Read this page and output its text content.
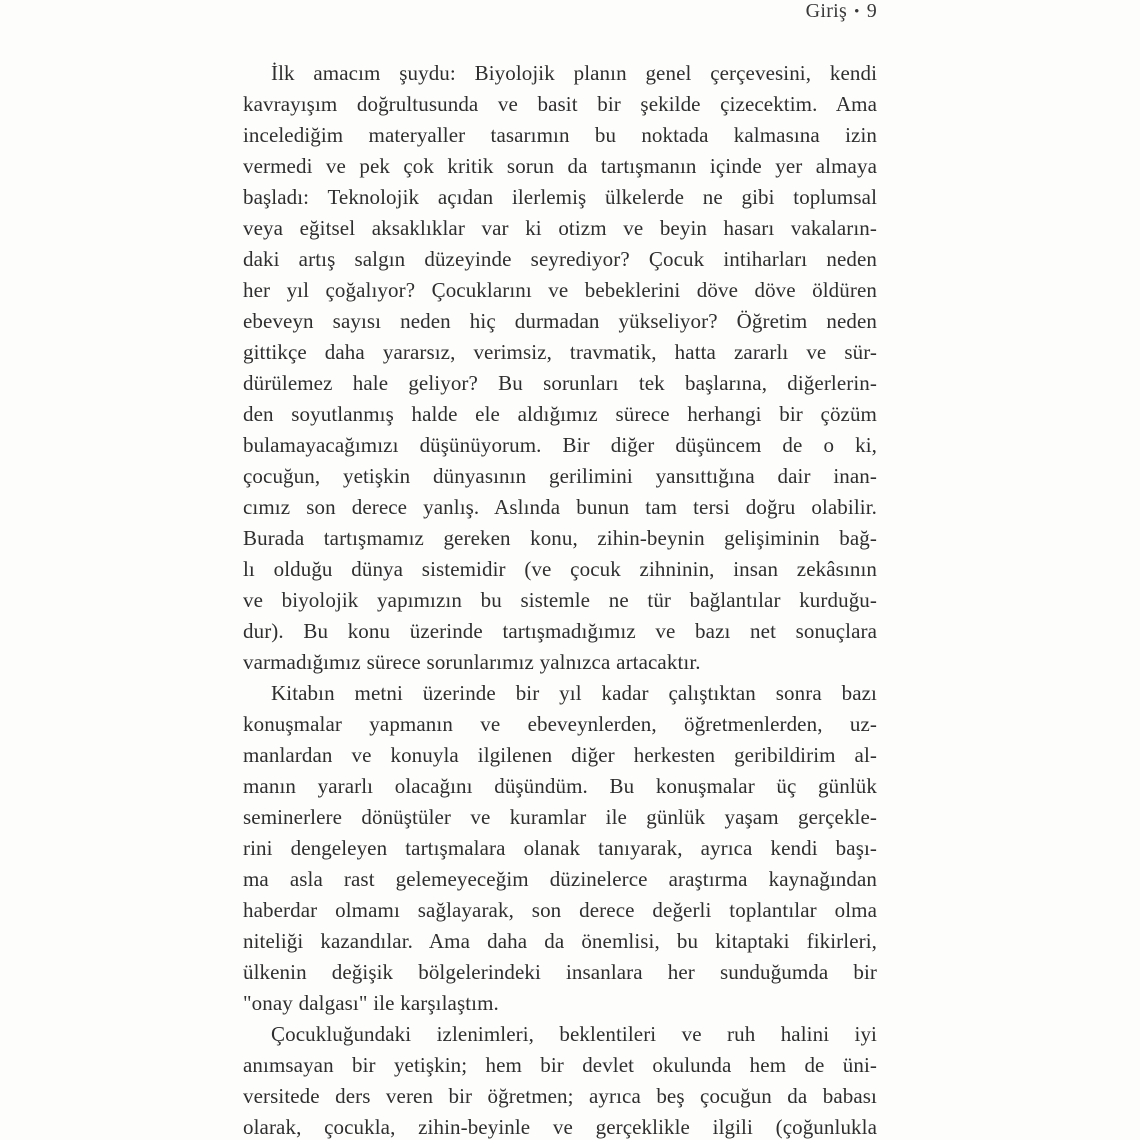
Giriş • 9
İlk amacım şuydu: Biyolojik planın genel çerçevesini, kendi
kavrayışım doğrultusunda ve basit bir şekilde çizecektim. Ama
incelediğim materyaller tasarımın bu noktada kalmasına izin
vermedi ve pek çok kritik sorun da tartışmanın içinde yer almaya
başladı: Teknolojik açıdan ilerlemiş ülkelerde ne gibi toplumsal
veya eğitsel aksaklıklar var ki otizm ve beyin hasarı vakaların-
daki artış salgın düzeyinde seyrediyor? Çocuk intiharları neden
her yıl çoğalıyor? Çocuklarını ve bebeklerini döve döve öldüren
ebeveyn sayısı neden hiç durmadan yükseliyor? Öğretim neden
gittikçe daha yararsız, verimsiz, travmatik, hatta zararlı ve sür-
dürülemez hale geliyor? Bu sorunları tek başlarına, diğerlerin-
den soyutlanmış halde ele aldığımız sürece herhangi bir çözüm
bulamayacağımızı düşünüyorum. Bir diğer düşüncem de o ki,
çocuğun, yetişkin dünyasının gerilimini yansıttığına dair inan-
cımız son derece yanlış. Aslında bunun tam tersi doğru olabilir.
Burada tartışmamız gereken konu, zihin-beynin gelişiminin bağ-
lı olduğu dünya sistemidir (ve çocuk zihninin, insan zekâsının
ve biyolojik yapımızın bu sistemle ne tür bağlantılar kurduğu-
dur). Bu konu üzerinde tartışmadığımız ve bazı net sonuçlara
varmadığımız sürece sorunlarımız yalnızca artacaktır.
Kitabın metni üzerinde bir yıl kadar çalıştıktan sonra bazı
konuşmalar yapmanın ve ebeveynlerden, öğretmenlerden, uz-
manlardan ve konuyla ilgilenen diğer herkesten geribildirim al-
manın yararlı olacağını düşündüm. Bu konuşmalar üç günlük
seminerlere dönüştüler ve kuramlar ile günlük yaşam gerçekle-
rini dengeleyen tartışmalara olanak tanıyarak, ayrıca kendi başı-
ma asla rast gelemeyeceğim düzinelerce araştırma kaynağından
haberdar olmamı sağlayarak, son derece değerli toplantılar olma
niteliği kazandılar. Ama daha da önemlisi, bu kitaptaki fikirleri,
ülkenin değişik bölgelerindeki insanlara her sunduğumda bir
"onay dalgası" ile karşılaştım.
Çocukluğundaki izlenimleri, beklentileri ve ruh halini iyi
anımsayan bir yetişkin; hem bir devlet okulunda hem de üni-
versitede ders veren bir öğretmen; ayrıca beş çocuğun da babası
olarak, çocukla, zihin-beyinle ve gerçeklikle ilgili (çoğunlukla
